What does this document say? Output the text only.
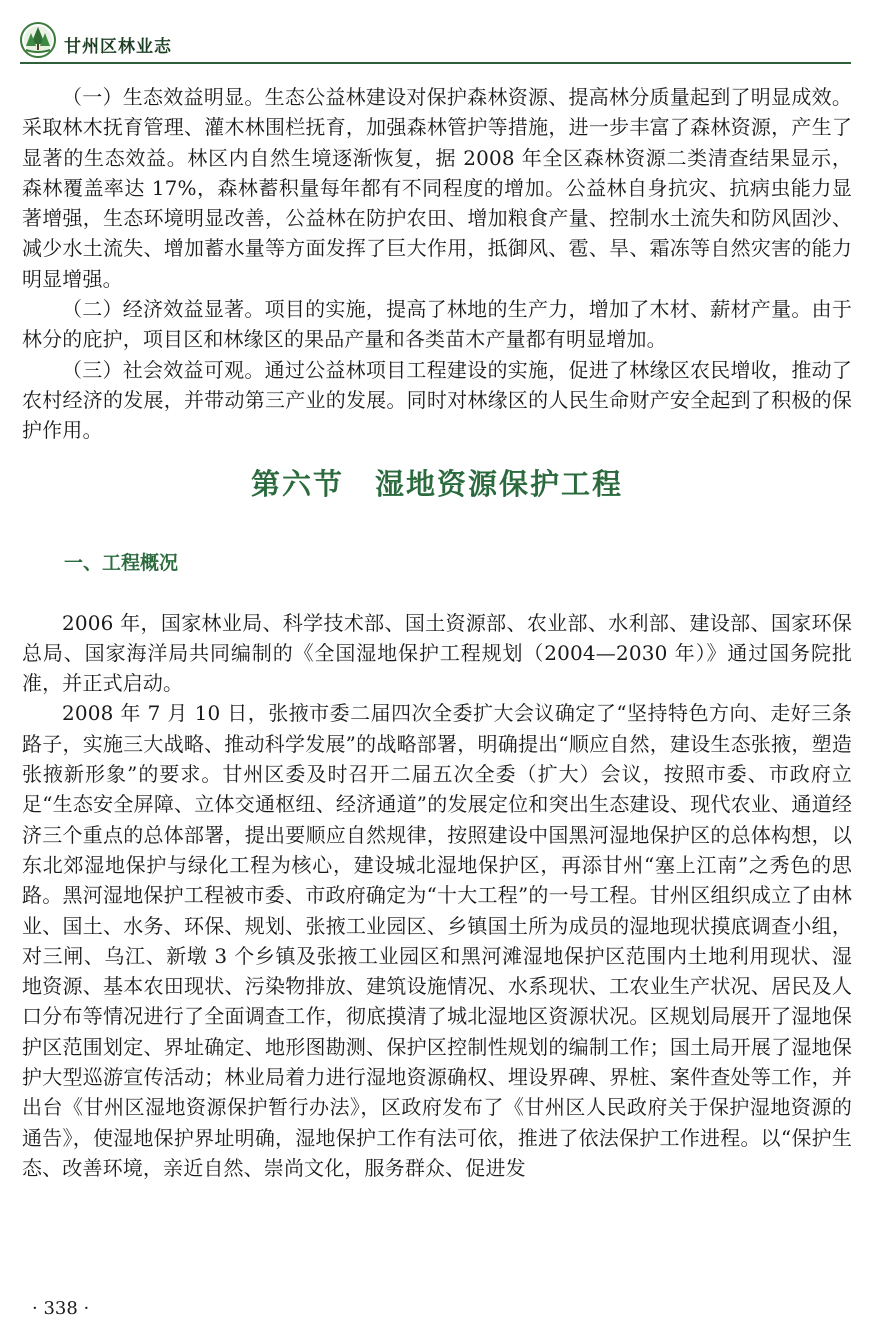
甘州区林业志

（一）生态效益明显。生态公益林建设对保护森林资源、提高林分质量起到了明显成效。采取林木抚育管理、灌木林围栏抚育，加强森林管护等措施，进一步丰富了森林资源，产生了显著的生态效益。林区内自然生境逐渐恢复，据 2008 年全区森林资源二类清查结果显示，森林覆盖率达 17%，森林蓄积量每年都有不同程度的增加。公益林自身抗灾、抗病虫能力显著增强，生态环境明显改善，公益林在防护农田、增加粮食产量、控制水土流失和防风固沙、减少水土流失、增加蓄水量等方面发挥了巨大作用，抵御风、雹、旱、霜冻等自然灾害的能力明显增强。

（二）经济效益显著。项目的实施，提高了林地的生产力，增加了木材、薪材产量。由于林分的庇护，项目区和林缘区的果品产量和各类苗木产量都有明显增加。

（三）社会效益可观。通过公益林项目工程建设的实施，促进了林缘区农民增收，推动了农村经济的发展，并带动第三产业的发展。同时对林缘区的人民生命财产安全起到了积极的保护作用。

第六节　湿地资源保护工程
一、工程概况

2006 年，国家林业局、科学技术部、国土资源部、农业部、水利部、建设部、国家环保总局、国家海洋局共同编制的《全国湿地保护工程规划（2004—2030 年）》通过国务院批准，并正式启动。

2008 年 7 月 10 日，张掖市委二届四次全委扩大会议确定了“坚持特色方向、走好三条路子，实施三大战略、推动科学发展”的战略部署，明确提出“顺应自然，建设生态张掖，塑造张掖新形象”的要求。甘州区委及时召开二届五次全委（扩大）会议，按照市委、市政府立足“生态安全屏障、立体交通枢纽、经济通道”的发展定位和突出生态建设、现代农业、通道经济三个重点的总体部署，提出要顺应自然规律，按照建设中国黑河湿地保护区的总体构想，以东北郊湿地保护与绿化工程为核心，建设城北湿地保护区，再添甘州“塞上江南”之秀色的思路。黑河湿地保护工程被市委、市政府确定为“十大工程”的一号工程。甘州区组织成立了由林业、国土、水务、环保、规划、张掖工业园区、乡镇国土所为成员的湿地现状摸底调查小组，对三闸、乌江、新墩 3 个乡镇及张掖工业园区和黑河滩湿地保护区范围内土地利用现状、湿地资源、基本农田现状、污染物排放、建筑设施情况、水系现状、工农业生产状况、居民及人口分布等情况进行了全面调查工作，彻底摸清了城北湿地区资源状况。区规划局展开了湿地保护区范围划定、界址确定、地形图勘测、保护区控制性规划的编制工作；国土局开展了湿地保护大型巡游宣传活动；林业局着力进行湿地资源确权、埋设界碑、界桩、案件查处等工作，并出台《甘州区湿地资源保护暂行办法》，区政府发布了《甘州区人民政府关于保护湿地资源的通告》，使湿地保护界址明确，湿地保护工作有法可依，推进了依法保护工作进程。以“保护生态、改善环境，亲近自然、崇尚文化，服务群众、促进发

· 338 ·
